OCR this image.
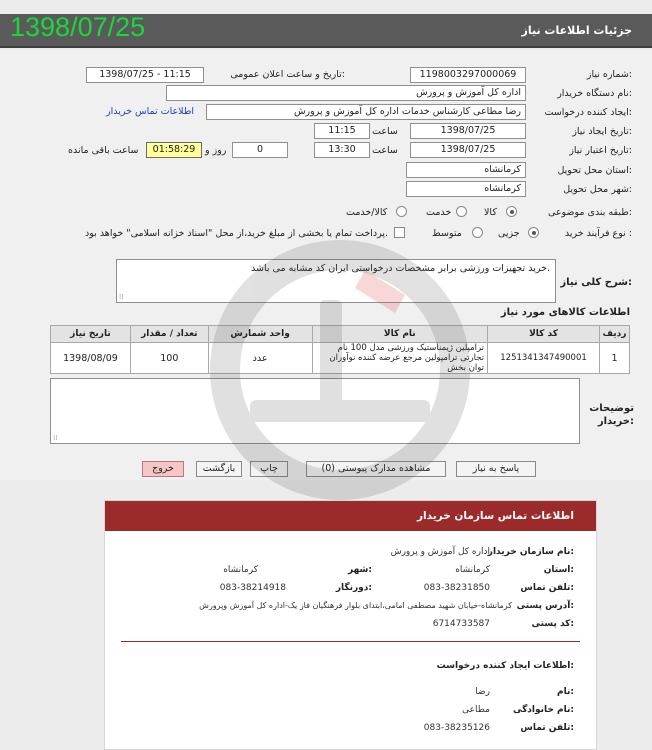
جزئیات اطلاعات نیاز
1398/07/25
شماره نیاز:
1198003297000069
تاریخ و ساعت اعلان عمومی:
1398/07/25 - 11:15
نام دستگاه خریدار:
اداره کل آموزش و پرورش
ایجاد کننده درخواست:
رضا مطاعی کارشناس خدمات اداره کل آموزش و پرورش
اطلاعات تماس خریدار
تاریخ ایجاد نیاز:
1398/07/25
ساعت
11:15
تاریخ اعتبار نیاز:
1398/07/25
ساعت
13:30
0
روز و
01:58:29
ساعت باقی مانده
استان محل تحویل:
کرمانشاه
شهر محل تحویل:
کرمانشاه
طبقه بندی موضوعی:
کالا
خدمت
کالا/خدمت
نوع فرآیند خرید :
جزیی
متوسط
پرداخت تمام یا بخشی از مبلغ خرید،از محل "اسناد خزانه اسلامی" خواهد بود.
شرح کلی نیاز:
خرید تجهیزات ورزشی برابر مشخصات درخواستی ایران کد مشابه می باشد.
⁞⁞
اطلاعات کالاهای مورد نیاز
تاریخ نیاز	تعداد / مقدار	واحد شمارش	نام کالا	کد کالا	ردیف
1398/08/09	100	عدد	ترامپلین ژیمناستیک ورزشی مدل 100 نام تجارتی ترامپولین مرجع عرضه کننده نوآوران توان بخش	1251341347490001	1
توضیحات خریدار:
⁞⁞
پاسخ به نیاز
مشاهده مدارک پیوستی (0)
چاپ
بازگشت
خروج
اطلاعات تماس سازمان خریدار
نام سازمان خریدار:
اداره کل آموزش و پرورش
استان:
کرمانشاه
شهر:
کرمانشاه
تلفن تماس:
083-38231850
دورنگار:
083-38214918
آدرس پستی:
کرمانشاه-خیابان شهید مصطفی امامی،ابتدای بلوار فرهنگیان فاز یک-اداره کل آموزش وپرورش
کد پستی:
6714733587
اطلاعات ایجاد کننده درخواست:
نام:
رضا
نام خانوادگی:
مطاعی
تلفن تماس:
083-38235126
